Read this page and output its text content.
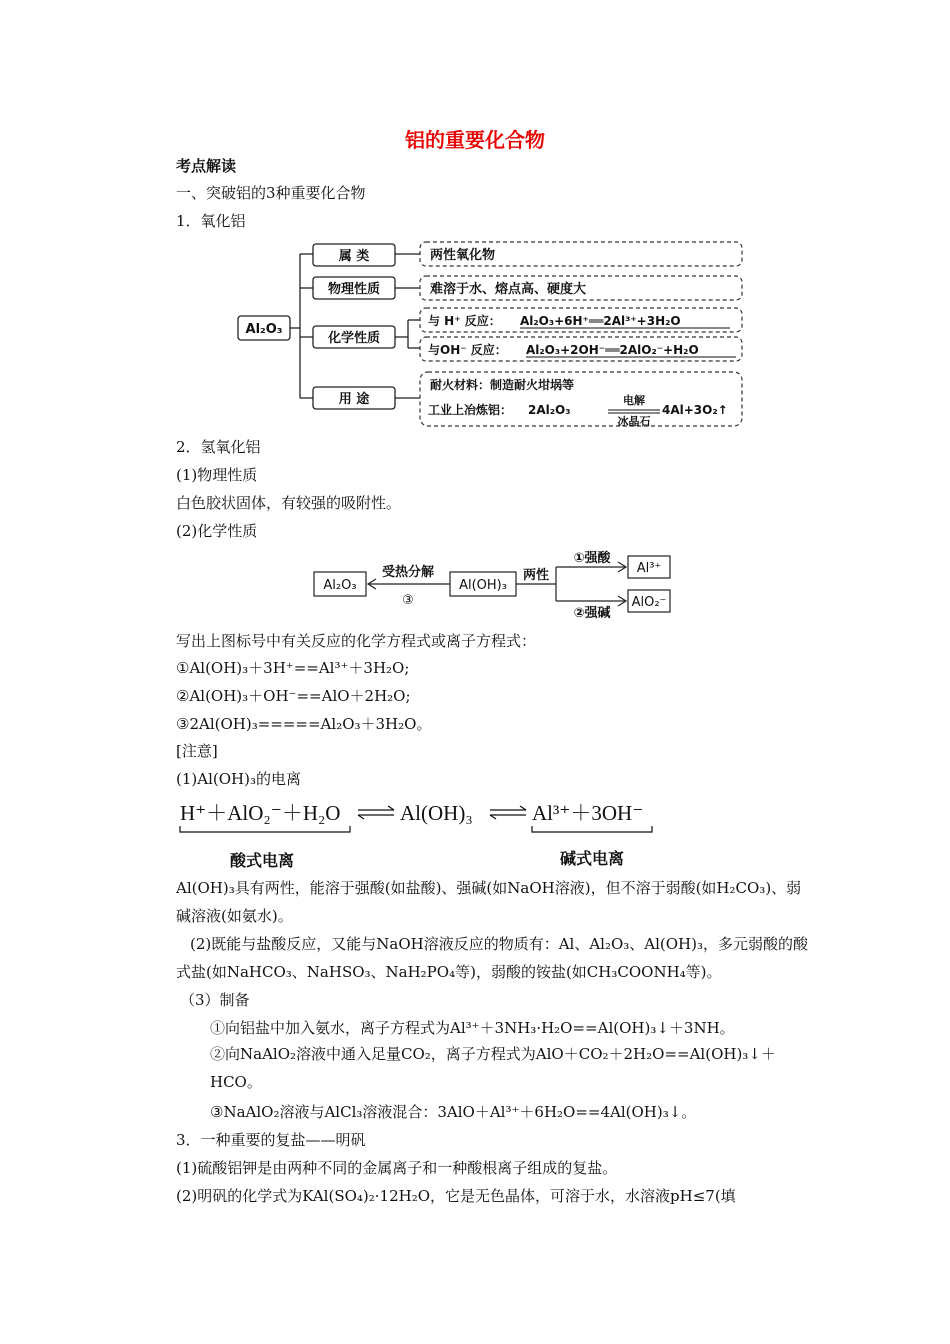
铝的重要化合物
考点解读
一、突破铝的3种重要化合物
1．氧化铝
Al₂O₃
属 类
物理性质
化学性质
用 途
两性氧化物
难溶于水、熔点高、硬度大
与 H⁺ 反应： Al₂O₃+6H⁺══2Al³⁺+3H₂O
与OH⁻ 反应： Al₂O₃+2OH⁻══2AlO₂⁻+H₂O
耐火材料：制造耐火坩埚等
工业上冶炼铝： 2Al₂O₃
电解
冰晶石
4Al+3O₂↑
2．氢氧化铝
(1)物理性质
白色胶状固体，有较强的吸附性。
(2)化学性质
Al₂O₃	Al(OH)₃
Al³⁺
AlO₂⁻
受热分解
③
两性
①强酸
②强碱
写出上图标号中有关反应的化学方程式或离子方程式：
①Al(OH)₃＋3H⁺==Al³⁺＋3H₂O;
②Al(OH)₃＋OH⁻==AlO＋2H₂O;
③2Al(OH)₃=====Al₂O₃＋3H₂O。
[注意]
(1)Al(OH)₃的电离
H⁺＋AlO₂⁻＋H₂O	Al(OH)₃	Al³⁺＋3OH⁻
酸式电离	碱式电离
Al(OH)₃具有两性，能溶于强酸(如盐酸)、强碱(如NaOH溶液)，但不溶于弱酸(如H₂CO₃)、弱碱溶液(如氨水)。
(2)既能与盐酸反应，又能与NaOH溶液反应的物质有：Al、Al₂O₃、Al(OH)₃，多元弱酸的酸式盐(如NaHCO₃、NaHSO₃、NaH₂PO₄等)，弱酸的铵盐(如CH₃COONH₄等)。
（3）制备
①向铝盐中加入氨水，离子方程式为Al³⁺＋3NH₃·H₂O==Al(OH)₃↓＋3NH。
②向NaAlO₂溶液中通入足量CO₂，离子方程式为AlO＋CO₂＋2H₂O==Al(OH)₃↓＋HCO。
③NaAlO₂溶液与AlCl₃溶液混合：3AlO＋Al³⁺＋6H₂O==4Al(OH)₃↓。
3．一种重要的复盐——明矾
(1)硫酸铝钾是由两种不同的金属离子和一种酸根离子组成的复盐。
(2)明矾的化学式为KAl(SO₄)₂·12H₂O，它是无色晶体，可溶于水，水溶液pH≤7(填
